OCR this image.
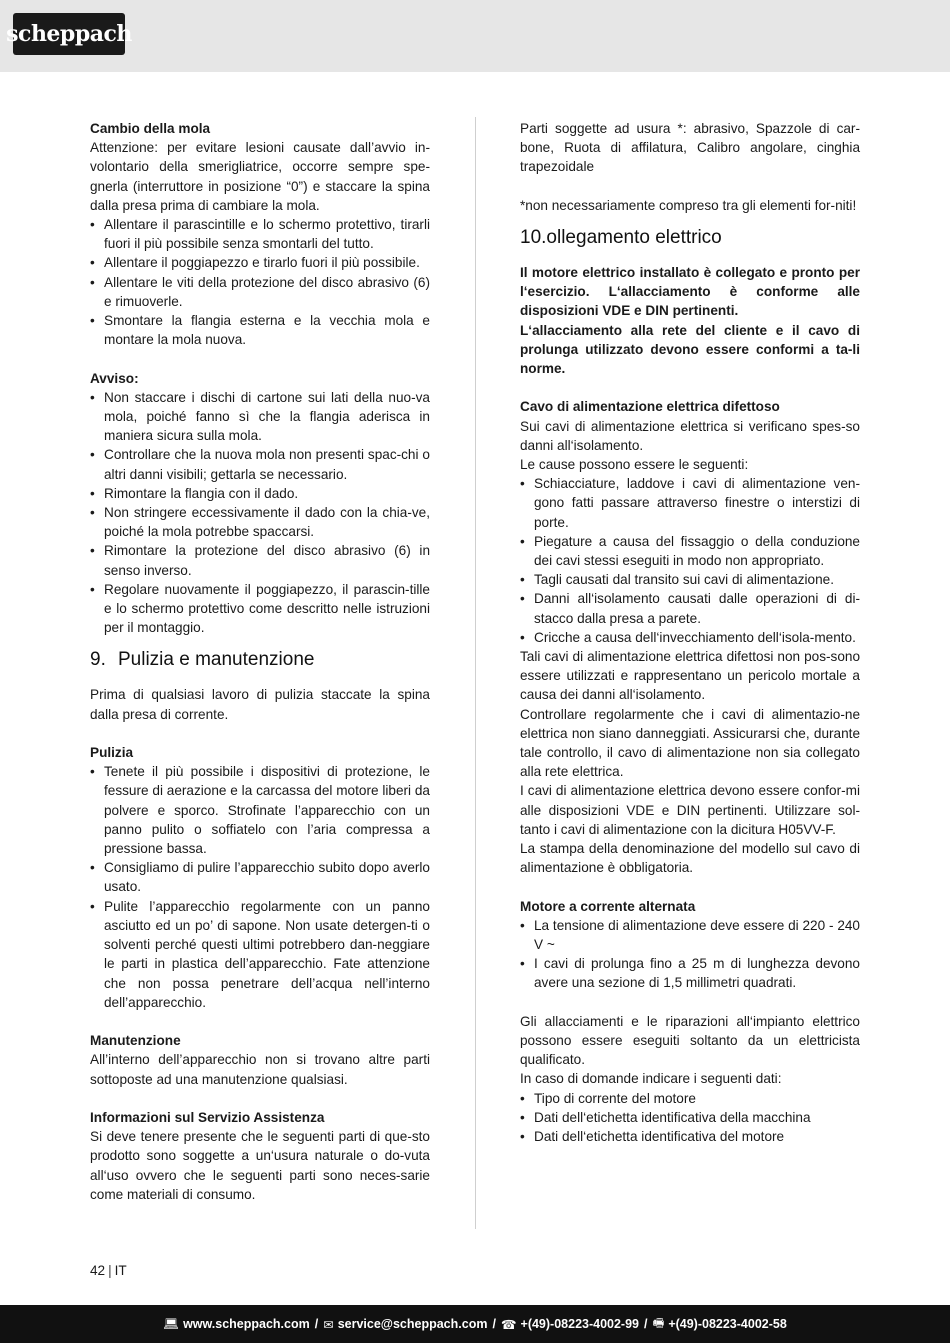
scheppach

Cambio della mola

Attenzione: per evitare lesioni causate dall’avvio in-volontario della smerigliatrice, occorre sempre spe-gnerla (interruttore in posizione “0”) e staccare la spina dalla presa prima di cambiare la mola.

• Allentare il parascintille e lo schermo protettivo, tirarli fuori il più possibile senza smontarli del tutto.
• Allentare il poggiapezzo e tirarlo fuori il più possibile.
• Allentare le viti della protezione del disco abrasivo (6) e rimuoverle.
• Smontare la flangia esterna e la vecchia mola e montare la mola nuova.

Avviso:

• Non staccare i dischi di cartone sui lati della nuo-va mola, poiché fanno sì che la flangia aderisca in maniera sicura sulla mola.
• Controllare che la nuova mola non presenti spac-chi o altri danni visibili; gettarla se necessario.
• Rimontare la flangia con il dado.
• Non stringere eccessivamente il dado con la chia-ve, poiché la mola potrebbe spaccarsi.
• Rimontare la protezione del disco abrasivo (6) in senso inverso.
• Regolare nuovamente il poggiapezzo, il parascin-tille e lo schermo protettivo come descritto nelle istruzioni per il montaggio.
9. Pulizia e manutenzione

Prima di qualsiasi lavoro di pulizia staccate la spina dalla presa di corrente.

Pulizia

• Tenete il più possibile i dispositivi di protezione, le fessure di aerazione e la carcassa del motore liberi da polvere e sporco. Strofinate l’apparecchio con un panno pulito o soffiatelo con l’aria compressa a pressione bassa.
• Consigliamo di pulire l’apparecchio subito dopo averlo usato.
• Pulite l’apparecchio regolarmente con un panno asciutto ed un po’ di sapone. Non usate detergen-ti o solventi perché questi ultimi potrebbero dan-neggiare le parti in plastica dell’apparecchio. Fate attenzione che non possa penetrare dell’acqua nell’interno dell’apparecchio.

Manutenzione

All’interno dell’apparecchio non si trovano altre parti sottoposte ad una manutenzione qualsiasi.

Informazioni sul Servizio Assistenza

Si deve tenere presente che le seguenti parti di que-sto prodotto sono soggette a un‘usura naturale o do-vuta all‘uso ovvero che le seguenti parti sono neces-sarie come materiali di consumo.

Parti soggette ad usura *: abrasivo, Spazzole di car-bone, Ruota di affilatura, Calibro angolare, cinghia trapezoidale

*non necessariamente compreso tra gli elementi for-niti!

10.ollegamento elettrico

Il motore elettrico installato è collegato e pronto per l‘esercizio. L‘allacciamento è conforme alle disposizioni VDE e DIN pertinenti.

L‘allacciamento alla rete del cliente e il cavo di prolunga utilizzato devono essere conformi a ta-li norme.

Cavo di alimentazione elettrica difettoso

Sui cavi di alimentazione elettrica si verificano spes-so danni all‘isolamento.

Le cause possono essere le seguenti:

• Schiacciature, laddove i cavi di alimentazione ven-gono fatti passare attraverso finestre o interstizi di porte.
• Piegature a causa del fissaggio o della conduzione dei cavi stessi eseguiti in modo non appropriato.
• Tagli causati dal transito sui cavi di alimentazione.
• Danni all‘isolamento causati dalle operazioni di di-stacco dalla presa a parete.
• Cricche a causa dell‘invecchiamento dell‘isola-mento.

Tali cavi di alimentazione elettrica difettosi non pos-sono essere utilizzati e rappresentano un pericolo mortale a causa dei danni all‘isolamento.

Controllare regolarmente che i cavi di alimentazio-ne elettrica non siano danneggiati. Assicurarsi che, durante tale controllo, il cavo di alimentazione non sia collegato alla rete elettrica.

I cavi di alimentazione elettrica devono essere confor-mi alle disposizioni VDE e DIN pertinenti. Utilizzare sol-tanto i cavi di alimentazione con la dicitura H05VV-F.

La stampa della denominazione del modello sul cavo di alimentazione è obbligatoria.

Motore a corrente alternata

• La tensione di alimentazione deve essere di 220 - 240 V ~
• I cavi di prolunga fino a 25 m di lunghezza devono avere una sezione di 1,5 millimetri quadrati.

Gli allacciamenti e le riparazioni all‘impianto elettrico possono essere eseguiti soltanto da un elettricista qualificato.

In caso di domande indicare i seguenti dati:

• Tipo di corrente del motore
• Dati dell‘etichetta identificativa della macchina
• Dati dell‘etichetta identificativa del motore
42 | IT
💻︎ www.scheppach.com / ✉︎ service@scheppach.com / ☎︎ +(49)-08223-4002-99 / 🖷︎ +(49)-08223-4002-58
